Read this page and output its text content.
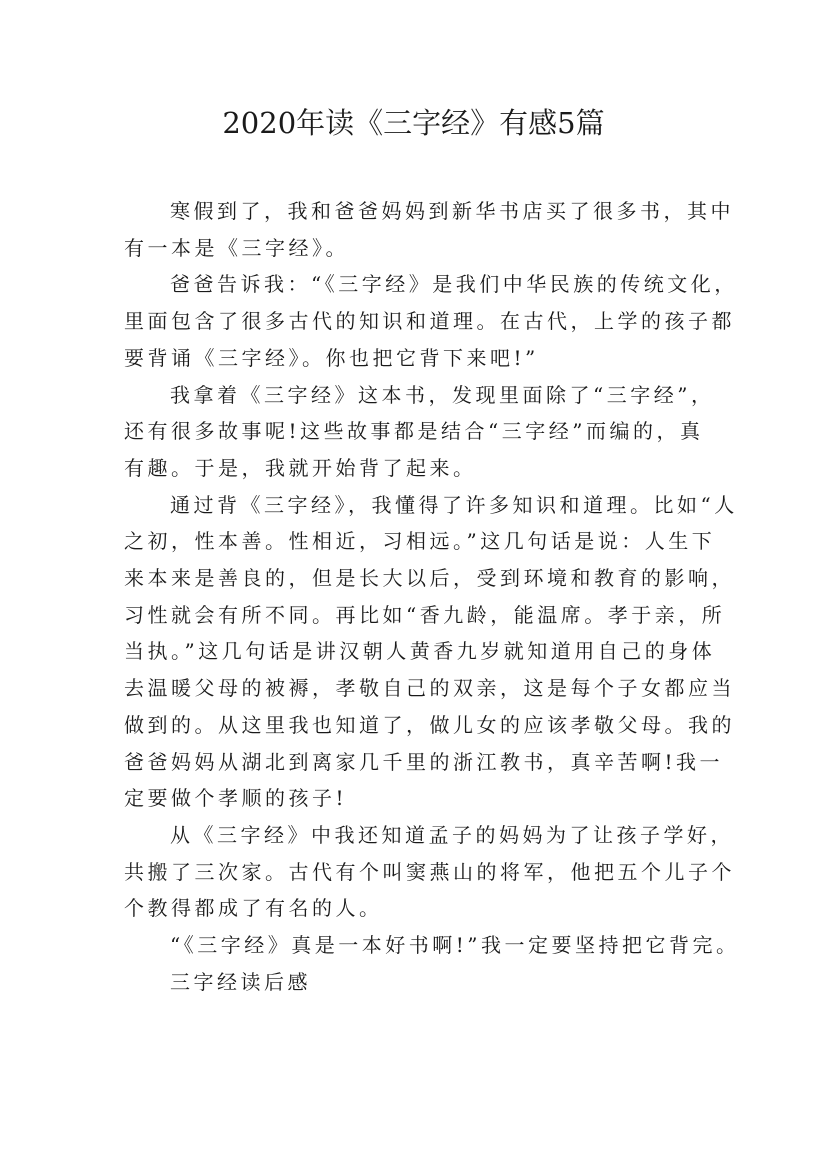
2020年读《三字经》有感5篇

寒假到了，我和爸爸妈妈到新华书店买了很多书，其中
有一本是《三字经》。

爸爸告诉我：“《三字经》是我们中华民族的传统文化，
里面包含了很多古代的知识和道理。在古代，上学的孩子都
要背诵《三字经》。你也把它背下来吧!”

我拿着《三字经》这本书，发现里面除了“三字经”，
还有很多故事呢!这些故事都是结合“三字经”而编的，真
有趣。于是，我就开始背了起来。

通过背《三字经》，我懂得了许多知识和道理。比如“人
之初，性本善。性相近，习相远。”这几句话是说：人生下
来本来是善良的，但是长大以后，受到环境和教育的影响，
习性就会有所不同。再比如“香九龄，能温席。孝于亲，所
当执。”这几句话是讲汉朝人黄香九岁就知道用自己的身体
去温暖父母的被褥，孝敬自己的双亲，这是每个子女都应当
做到的。从这里我也知道了，做儿女的应该孝敬父母。我的
爸爸妈妈从湖北到离家几千里的浙江教书，真辛苦啊!我一
定要做个孝顺的孩子!

从《三字经》中我还知道孟子的妈妈为了让孩子学好，
共搬了三次家。古代有个叫窦燕山的将军，他把五个儿子个
个教得都成了有名的人。

“《三字经》真是一本好书啊!”我一定要坚持把它背完。

三字经读后感
